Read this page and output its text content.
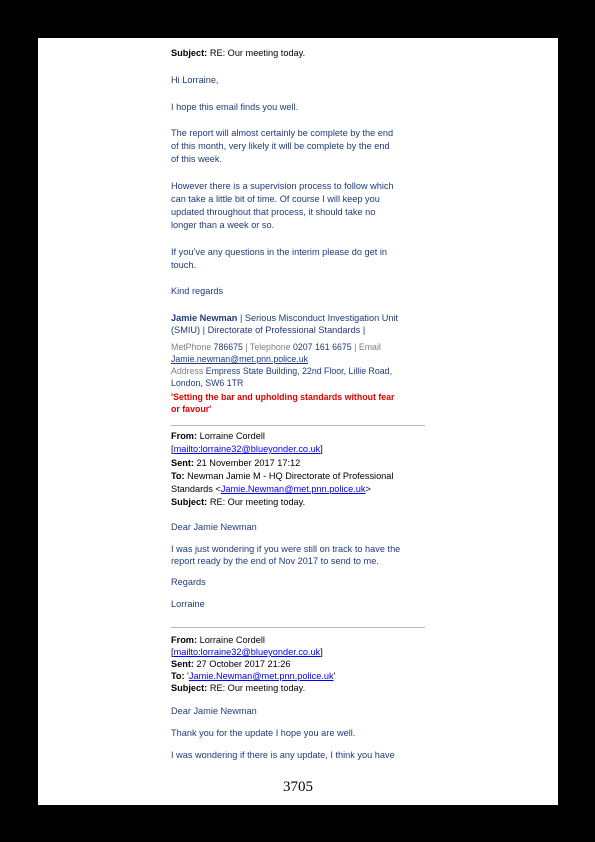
Subject: RE: Our meeting today.
Hi Lorraine,
I hope this email finds you well.
The report will almost certainly be complete by the end
of this month, very likely it will be complete by the end
of this week.
However there is a supervision process to follow which
can take a little bit of time. Of course I will keep you
updated throughout that process, it should take no
longer than a week or so.
If you’ve any questions in the interim please do get in
touch.
Kind regards
Jamie Newman | Serious Misconduct Investigation Unit
(SMIU) | Directorate of Professional Standards |
MetPhone 786675 | Telephone 0207 161 6675 | Email
Jamie.newman@met.pnn.police.uk
Address Empress State Building, 22nd Floor, Lillie Road,
London, SW6 1TR
'Setting the bar and upholding standards without fear
or favour'
From: Lorraine Cordell
[mailto:lorraine32@blueyonder.co.uk]
Sent: 21 November 2017 17:12
To: Newman Jamie M - HQ Directorate of Professional
Standards <Jamie.Newman@met.pnn.police.uk>
Subject: RE: Our meeting today.
Dear Jamie Newman
I was just wondering if you were still on track to have the
report ready by the end of Nov 2017 to send to me.
Regards
Lorraine
From: Lorraine Cordell
[mailto:lorraine32@blueyonder.co.uk]
Sent: 27 October 2017 21:26
To: 'Jamie.Newman@met.pnn.police.uk'
Subject: RE: Our meeting today.
Dear Jamie Newman
Thank you for the update I hope you are well.
I was wondering if there is any update, I think you have
3705
